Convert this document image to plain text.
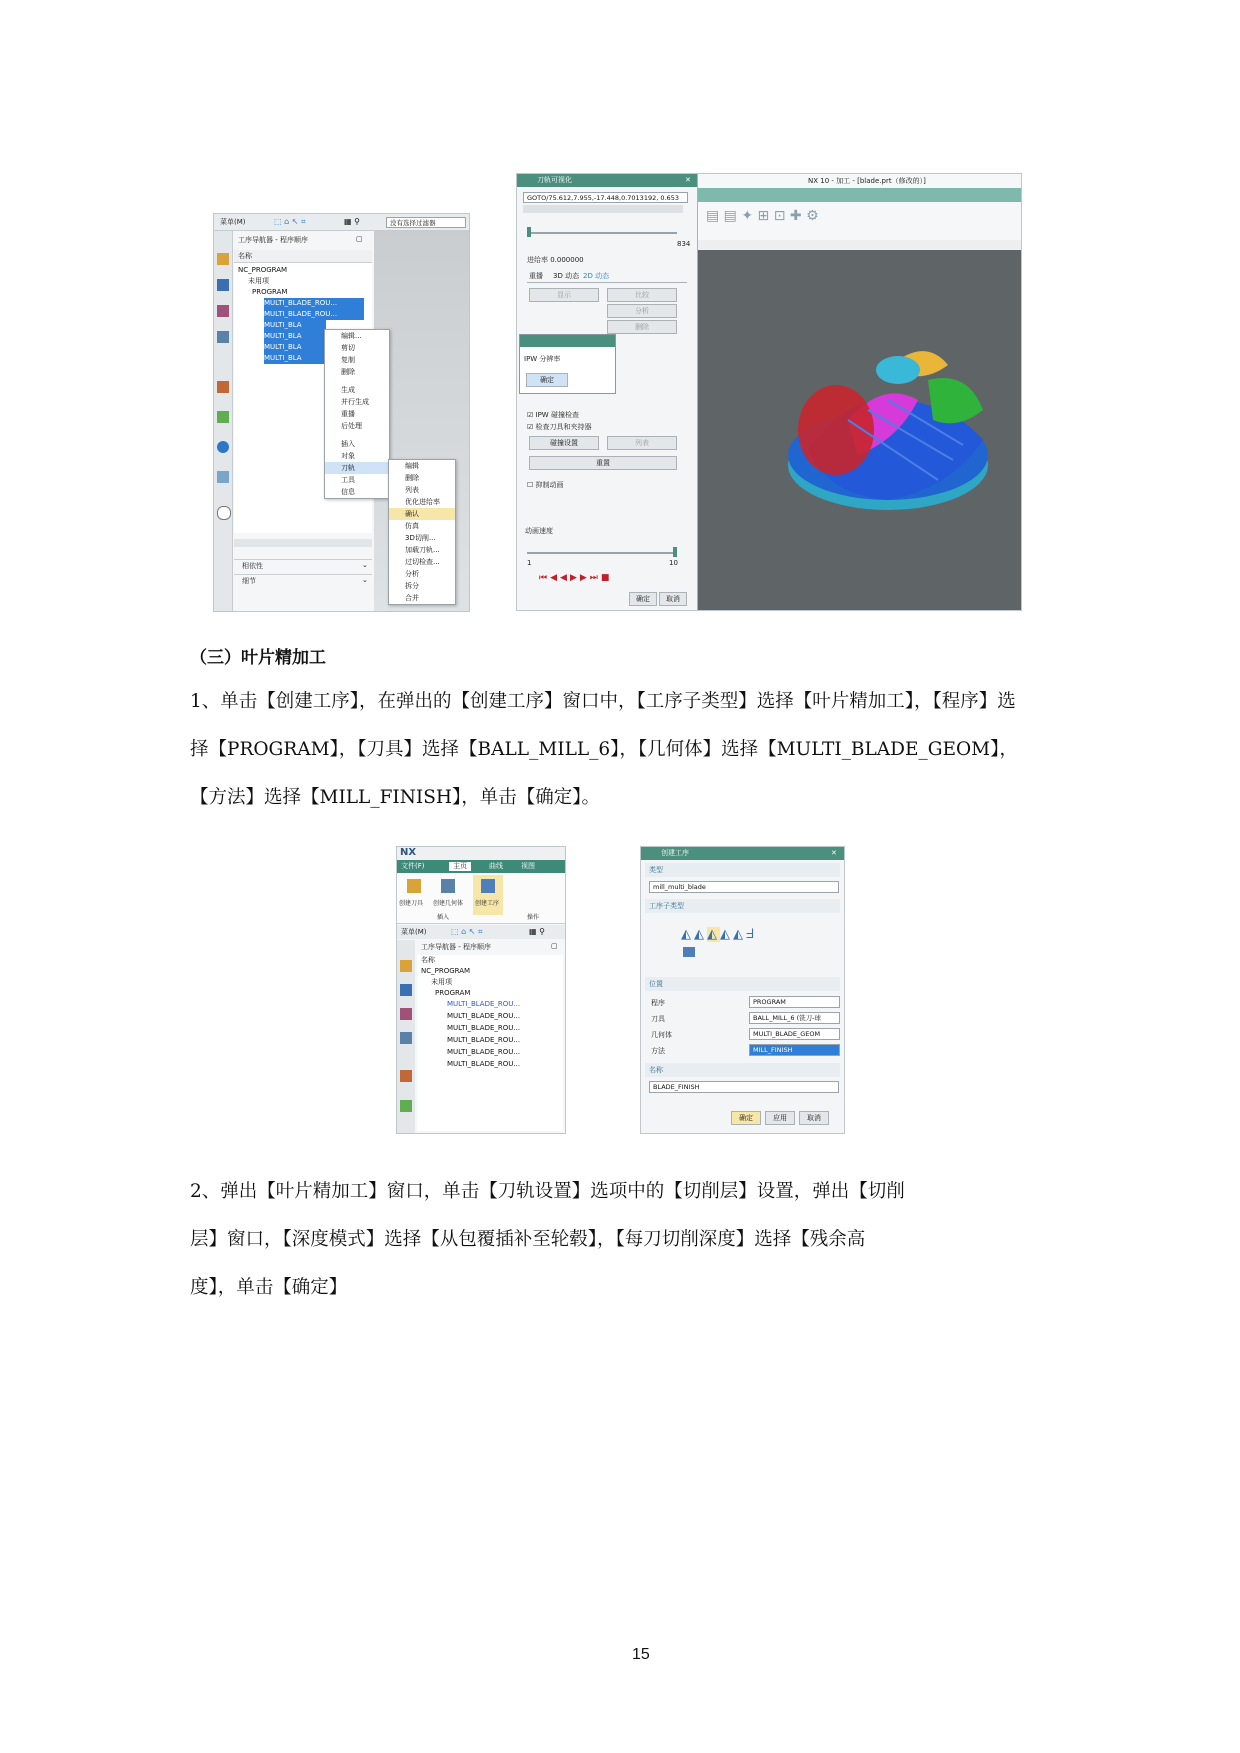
菜单(M)	⬚ ⌂ ↖ ⌗	▦ ⚲	没有选择过滤器
工序导航器 - 程序顺序	▢
名称
NC_PROGRAM
未用项
PROGRAM
MULTI_BLADE_ROU...
MULTI_BLADE_ROU...
MULTI_BLA
MULTI_BLA
MULTI_BLA
MULTI_BLA
相依性	⌄
细节	⌄
编辑...
剪切
复制
删除
生成
并行生成
重播
后处理
插入
对象
刀轨
工具
信息
编辑
删除
列表
优化进给率
确认
仿真
3D切削...
加载刀轨...
过切检查...
分析
拆分
合并
刀轨可视化	✕
GOTO/75.612,7.955,-17.448,0.7013192, 0.653
834
进给率 0.000000
重播 3D 动态 2D 动态
显示	比较
分析
删除
IPW 分辨率
确定
☑ IPW 碰撞检查
☑ 检查刀具和夹持器
碰撞设置	列表
重置
☐ 抑制动画
动画速度
1	10
⏮◀◀▶▶⏭■
确定	取消
NX 10 - 加工 - [blade.prt（修改的）]
▤ ▤ ✦ ⊞ ⊡ ✚ ⚙
（三）叶片精加工
1、单击【创建工序】，在弹出的【创建工序】窗口中，【工序子类型】选择【叶片精加工】，【程序】选
择【PROGRAM】，【刀具】选择【BALL_MILL_6】，【几何体】选择【MULTI_BLADE_GEOM】，
【方法】选择【MILL_FINISH】，单击【确定】。
NX
文件(F)	主页	曲线	视图
创建刀具 创建几何体 创建工序
插入	操作
菜单(M)	⬚ ⌂ ↖ ⌗	▦ ⚲
工序导航器 - 程序顺序	▢
名称
NC_PROGRAM
未用项
PROGRAM
MULTI_BLADE_ROU...
MULTI_BLADE_ROU...
MULTI_BLADE_ROU...
MULTI_BLADE_ROU...
MULTI_BLADE_ROU...
MULTI_BLADE_ROU...
创建工序	✕
类型
mill_multi_blade
工序子类型
◭◭◭◭◭ᖵ
位置
程序	PROGRAM
刀具	BALL_MILL_6 (铣刀-球
几何体	MULTI_BLADE_GEOM
方法	MILL_FINISH
名称
BLADE_FINISH
确定	应用	取消
2、弹出【叶片精加工】窗口，单击【刀轨设置】选项中的【切削层】设置，弹出【切削
层】窗口，【深度模式】选择【从包覆插补至轮毂】，【每刀切削深度】选择【残余高
度】，单击【确定】
15
